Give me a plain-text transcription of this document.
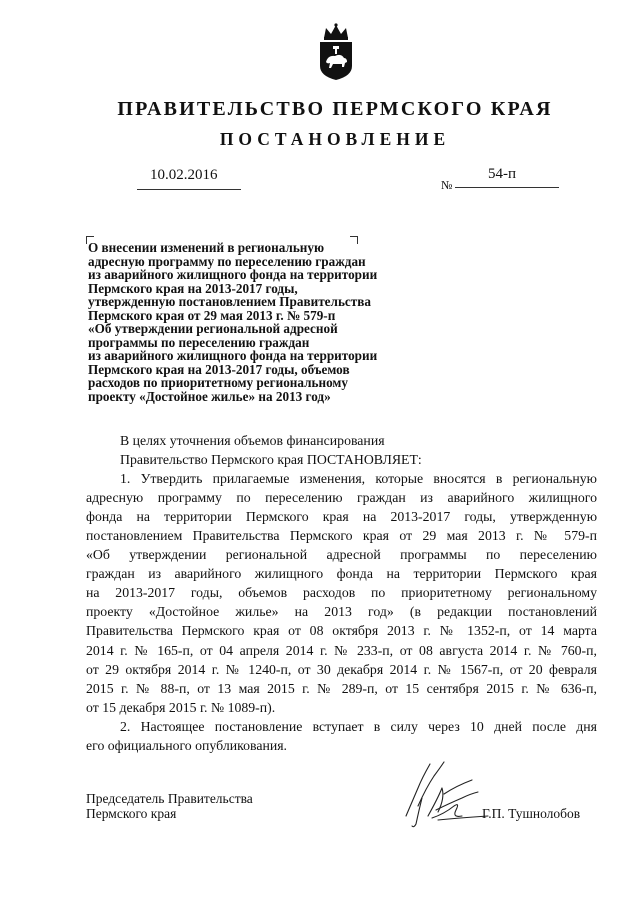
ПРАВИТЕЛЬСТВО ПЕРМСКОГО КРАЯ
ПОСТАНОВЛЕНИЕ
10.02.2016
№
54-п
О внесении изменений в региональную
адресную программу по переселению граждан
из аварийного жилищного фонда на территории
Пермского края на 2013-2017 годы,
утвержденную постановлением Правительства
Пермского края от 29 мая 2013 г. № 579-п
«Об утверждении региональной адресной
программы по переселению граждан
из аварийного жилищного фонда на территории
Пермского края на 2013-2017 годы, объемов
расходов по приоритетному региональному
проекту «Достойное жилье» на 2013 год»
В целях уточнения объемов финансирования
Правительство Пермского края ПОСТАНОВЛЯЕТ:
1. Утвердить прилагаемые изменения, которые вносятся в региональную
адресную программу по переселению граждан из аварийного жилищного
фонда на территории Пермского края на 2013-2017 годы, утвержденную
постановлением Правительства Пермского края от 29 мая 2013 г. № 579-п
«Об утверждении региональной адресной программы по переселению
граждан из аварийного жилищного фонда на территории Пермского края
на 2013-2017 годы, объемов расходов по приоритетному региональному
проекту «Достойное жилье» на 2013 год» (в редакции постановлений
Правительства Пермского края от 08 октября 2013 г. № 1352-п, от 14 марта
2014 г. № 165-п, от 04 апреля 2014 г. № 233-п, от 08 августа 2014 г. № 760-п,
от 29 октября 2014 г. № 1240-п, от 30 декабря 2014 г. № 1567-п, от 20 февраля
2015 г. № 88-п, от 13 мая 2015 г. № 289-п, от 15 сентября 2015 г. № 636-п,
от 15 декабря 2015 г. № 1089-п).
2. Настоящее постановление вступает в силу через 10 дней после дня
его официального опубликования.
Председатель Правительства
Пермского края	Г.П. Тушнолобов
